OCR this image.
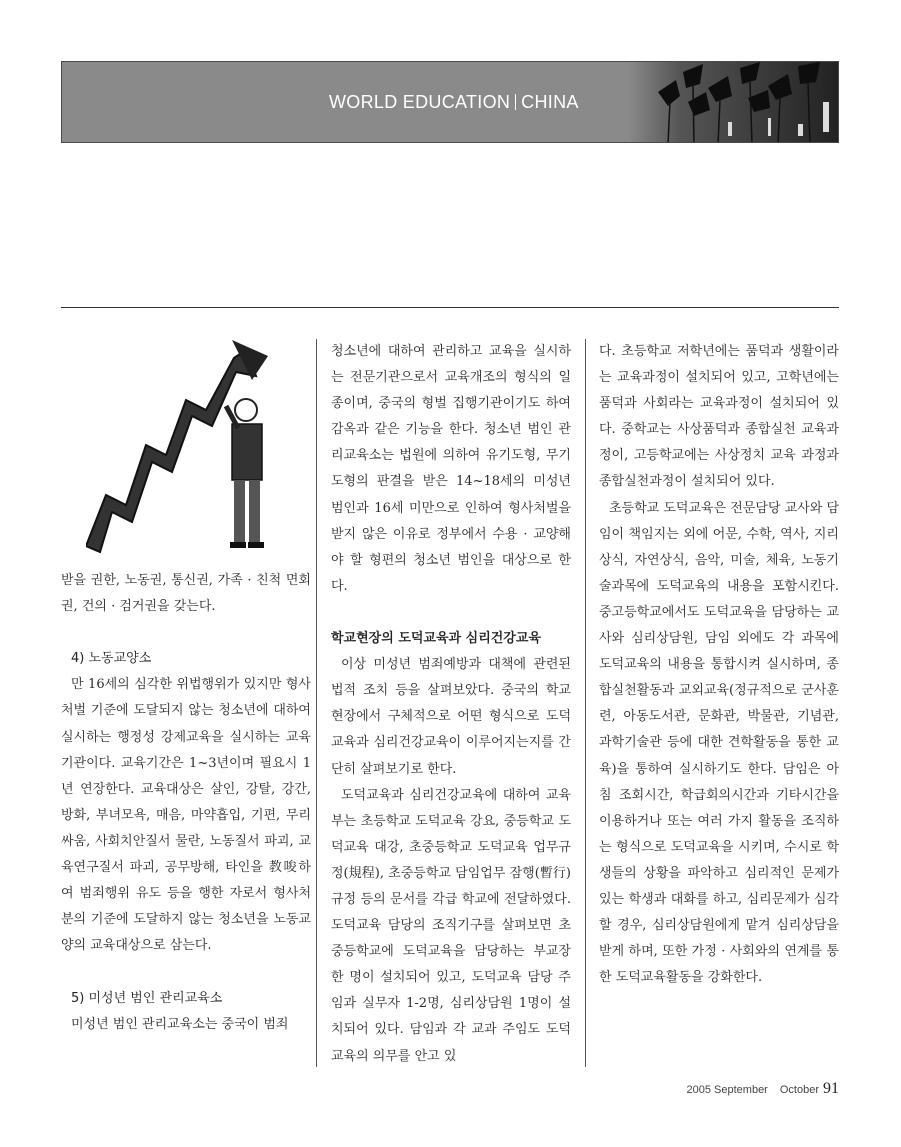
WORLD EDUCATION CHINA

받을 권한, 노동권, 통신권, 가족 · 친척 면회권, 건의 · 검거권을 갖는다.

4) 노동교양소

만 16세의 심각한 위법행위가 있지만 형사처벌 기준에 도달되지 않는 청소년에 대하여 실시하는 행정성 강제교육을 실시하는 교육기관이다. 교육기간은 1~3년이며 필요시 1년 연장한다. 교육대상은 살인, 강탈, 강간, 방화, 부녀모욕, 매음, 마약흡입, 기편, 무리싸움, 사회치안질서 물란, 노동질서 파괴, 교육연구질서 파괴, 공무방해, 타인을 教唆하여 범죄행위 유도 등을 행한 자로서 형사처분의 기준에 도달하지 않는 청소년을 노동교양의 교육대상으로 삼는다.

5) 미성년 범인 관리교육소

미성년 범인 관리교육소는 중국이 범죄

청소년에 대하여 관리하고 교육을 실시하는 전문기관으로서 교육개조의 형식의 일종이며, 중국의 형벌 집행기관이기도 하여 감옥과 같은 기능을 한다. 청소년 범인 관리교육소는 법원에 의하여 유기도형, 무기도형의 판결을 받은 14~18세의 미성년 범인과 16세 미만으로 인하여 형사처벌을 받지 않은 이유로 정부에서 수용 · 교양해야 할 형편의 청소년 범인을 대상으로 한다.

학교현장의 도덕교육과 심리건강교육

이상 미성년 범죄예방과 대책에 관련된 법적 조치 등을 살펴보았다. 중국의 학교 현장에서 구체적으로 어떤 형식으로 도덕교육과 심리건강교육이 이루어지는지를 간단히 살펴보기로 한다.

도덕교육과 심리건강교육에 대하여 교육부는 초등학교 도덕교육 강요, 중등학교 도덕교육 대강, 초중등학교 도덕교육 업무규정(規程), 초중등학교 담임업무 잠행(暫行)규정 등의 문서를 각급 학교에 전달하였다. 도덕교육 담당의 조직기구를 살펴보면 초중등학교에 도덕교육을 담당하는 부교장 한 명이 설치되어 있고, 도덕교육 담당 주임과 실무자 1-2명, 심리상담원 1명이 설치되어 있다. 담임과 각 교과 주임도 도덕교육의 의무를 안고 있

다. 초등학교 저학년에는 품덕과 생활이라는 교육과정이 설치되어 있고, 고학년에는 품덕과 사회라는 교육과정이 설치되어 있다. 중학교는 사상품덕과 종합실천 교육과정이, 고등학교에는 사상정치 교육 과정과 종합실천과정이 설치되어 있다.

초등학교 도덕교육은 전문담당 교사와 담임이 책임지는 외에 어문, 수학, 역사, 지리상식, 자연상식, 음악, 미술, 체육, 노동기술과목에 도덕교육의 내용을 포함시킨다. 중고등학교에서도 도덕교육을 담당하는 교사와 심리상담원, 담임 외에도 각 과목에 도덕교육의 내용을 통합시켜 실시하며, 종합실천활동과 교외교육(정규적으로 군사훈련, 아동도서관, 문화관, 박물관, 기념관, 과학기술관 등에 대한 견학활동을 통한 교육)을 통하여 실시하기도 한다. 담임은 아침 조회시간, 학급회의시간과 기타시간을 이용하거나 또는 여러 가지 활동을 조직하는 형식으로 도덕교육을 시키며, 수시로 학생들의 상황을 파악하고 심리적인 문제가 있는 학생과 대화를 하고, 심리문제가 심각할 경우, 심리상담원에게 맡겨 심리상담을 받게 하며, 또한 가정 · 사회와의 연계를 통한 도덕교육활동을 강화한다.

2005 September October 91
